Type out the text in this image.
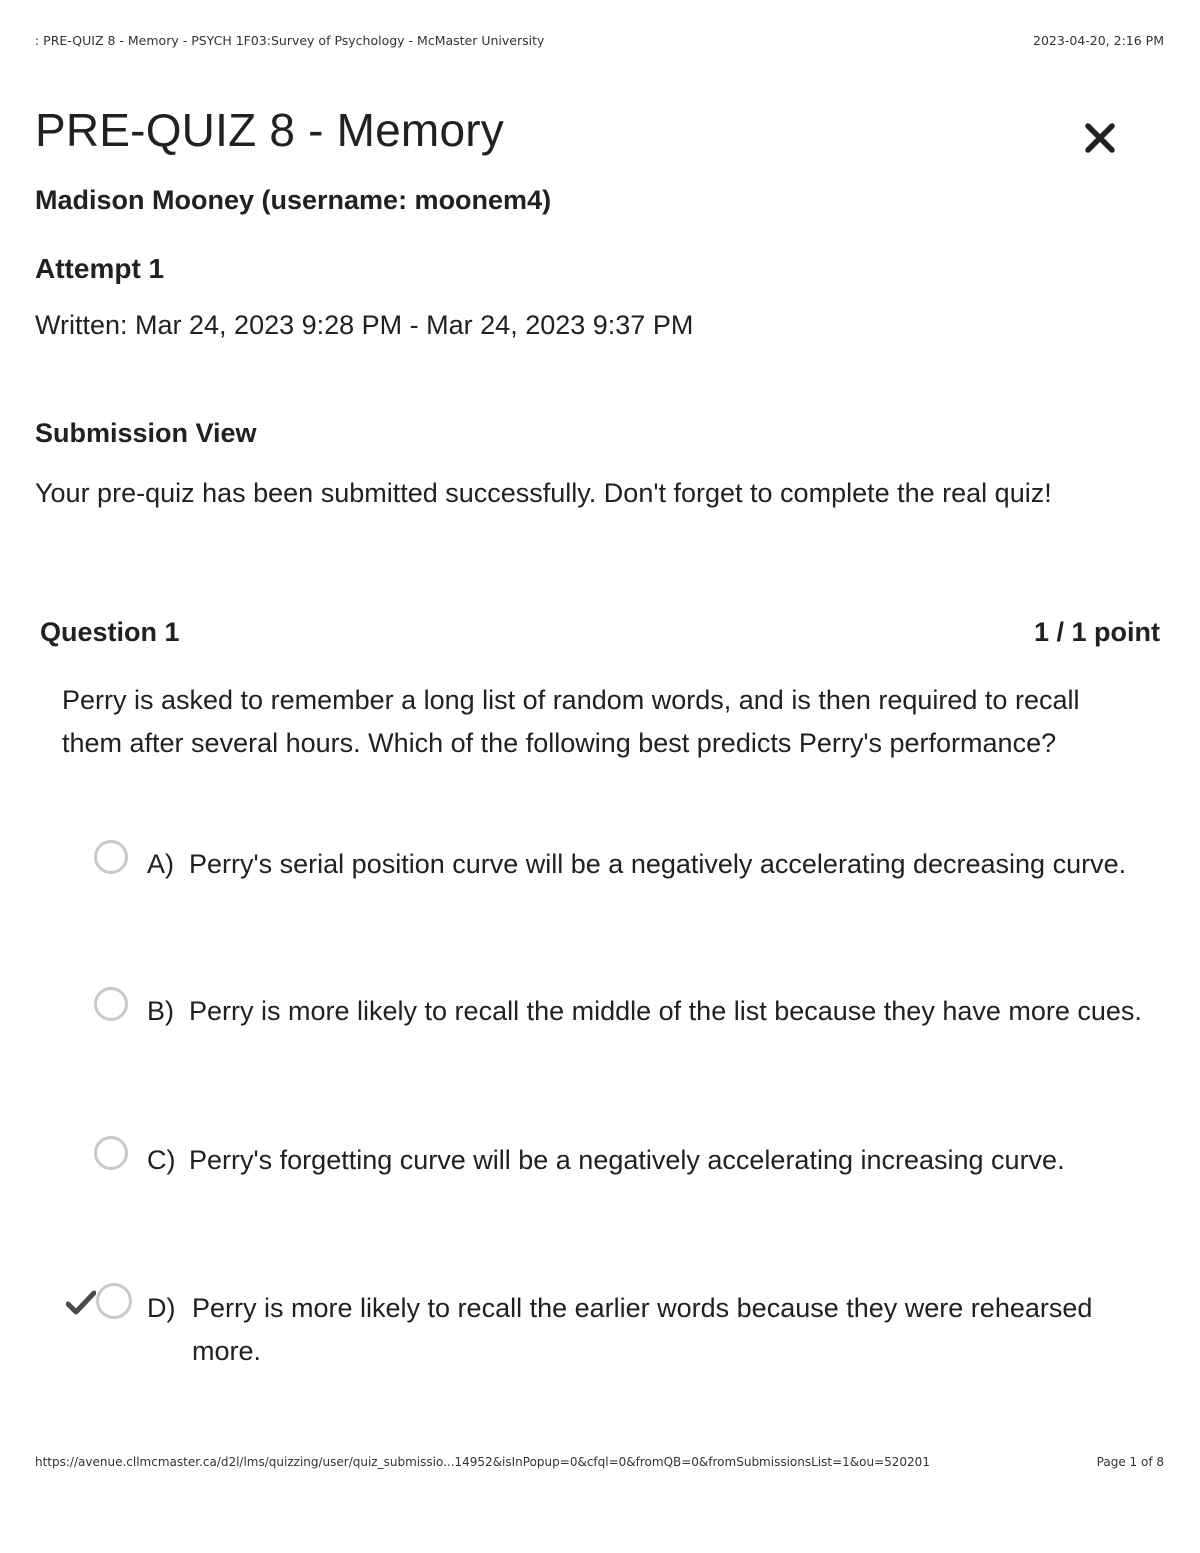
: PRE-QUIZ 8 - Memory - PSYCH 1F03:Survey of Psychology - McMaster University	2023-04-20, 2:16 PM
PRE-QUIZ 8 - Memory
Madison Mooney (username: moonem4)
Attempt 1
Written: Mar 24, 2023 9:28 PM - Mar 24, 2023 9:37 PM
Submission View
Your pre-quiz has been submitted successfully. Don't forget to complete the real quiz!
Question 1	1 / 1 point
Perry is asked to remember a long list of random words, and is then required to recall them after several hours. Which of the following best predicts Perry's performance?
A) Perry's serial position curve will be a negatively accelerating decreasing curve.
B) Perry is more likely to recall the middle of the list because they have more cues.
C) Perry's forgetting curve will be a negatively accelerating increasing curve.
D) Perry is more likely to recall the earlier words because they were rehearsed more.
https://avenue.cllmcmaster.ca/d2l/lms/quizzing/user/quiz_submissio...14952&isInPopup=0&cfql=0&fromQB=0&fromSubmissionsList=1&ou=520201	Page 1 of 8
